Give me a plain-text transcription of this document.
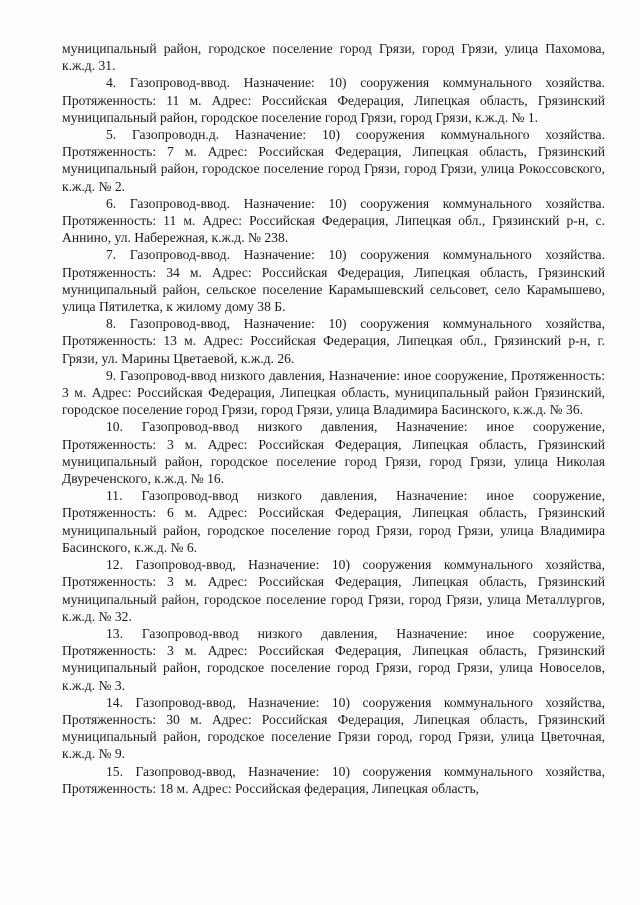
муниципальный район, городское поселение город Грязи, город Грязи, улица Пахомова, к.ж.д. 31.

4. Газопровод-ввод. Назначение: 10) сооружения коммунального хозяйства. Протяженность: 11 м. Адрес: Российская Федерация, Липецкая область, Грязинский муниципальный район, городское поселение город Грязи, город Грязи, к.ж.д. № 1.

5. Газопроводн.д. Назначение: 10) сооружения коммунального хозяйства. Протяженность: 7 м. Адрес: Российская Федерация, Липецкая область, Грязинский муниципальный район, городское поселение город Грязи, город Грязи, улица Рокоссовского, к.ж.д. № 2.

6. Газопровод-ввод. Назначение: 10) сооружения коммунального хозяйства. Протяженность: 11 м. Адрес: Российская Федерация, Липецкая обл., Грязинский р-н, с. Аннино, ул. Набережная, к.ж.д. № 238.

7. Газопровод-ввод. Назначение: 10) сооружения коммунального хозяйства. Протяженность: 34 м. Адрес: Российская Федерация, Липецкая область, Грязинский муниципальный район, сельское поселение Карамышевский сельсовет, село Карамышево, улица Пятилетка, к жилому дому 38 Б.

8. Газопровод-ввод, Назначение: 10) сооружения коммунального хозяйства, Протяженность: 13 м. Адрес: Российская Федерация, Липецкая обл., Грязинский р-н, г. Грязи, ул. Марины Цветаевой, к.ж.д. 26.

9. Газопровод-ввод низкого давления, Назначение: иное сооружение, Протяженность: 3 м. Адрес: Российская Федерация, Липецкая область, муниципальный район Грязинский, городское поселение город Грязи, город Грязи, улица Владимира Басинского, к.ж.д. № 36.

10. Газопровод-ввод низкого давления, Назначение: иное сооружение, Протяженность: 3 м. Адрес: Российская Федерация, Липецкая область, Грязинский муниципальный район, городское поселение город Грязи, город Грязи, улица Николая Двуреченского, к.ж.д. № 16.

11. Газопровод-ввод низкого давления, Назначение: иное сооружение, Протяженность: 6 м. Адрес: Российская Федерация, Липецкая область, Грязинский муниципальный район, городское поселение город Грязи, город Грязи, улица Владимира Басинского, к.ж.д. № 6.

12. Газопровод-ввод, Назначение: 10) сооружения коммунального хозяйства, Протяженность: 3 м. Адрес: Российская Федерация, Липецкая область, Грязинский муниципальный район, городское поселение город Грязи, город Грязи, улица Металлургов, к.ж.д. № 32.

13. Газопровод-ввод низкого давления, Назначение: иное сооружение, Протяженность: 3 м. Адрес: Российская Федерация, Липецкая область, Грязинский муниципальный район, городское поселение город Грязи, город Грязи, улица Новоселов, к.ж.д. № 3.

14. Газопровод-ввод, Назначение: 10) сооружения коммунального хозяйства, Протяженность: 30 м. Адрес: Российская Федерация, Липецкая область, Грязинский муниципальный район, городское поселение Грязи город, город Грязи, улица Цветочная, к.ж.д. № 9.

15. Газопровод-ввод, Назначение: 10) сооружения коммунального хозяйства, Протяженность: 18 м. Адрес: Российская федерация, Липецкая область,
